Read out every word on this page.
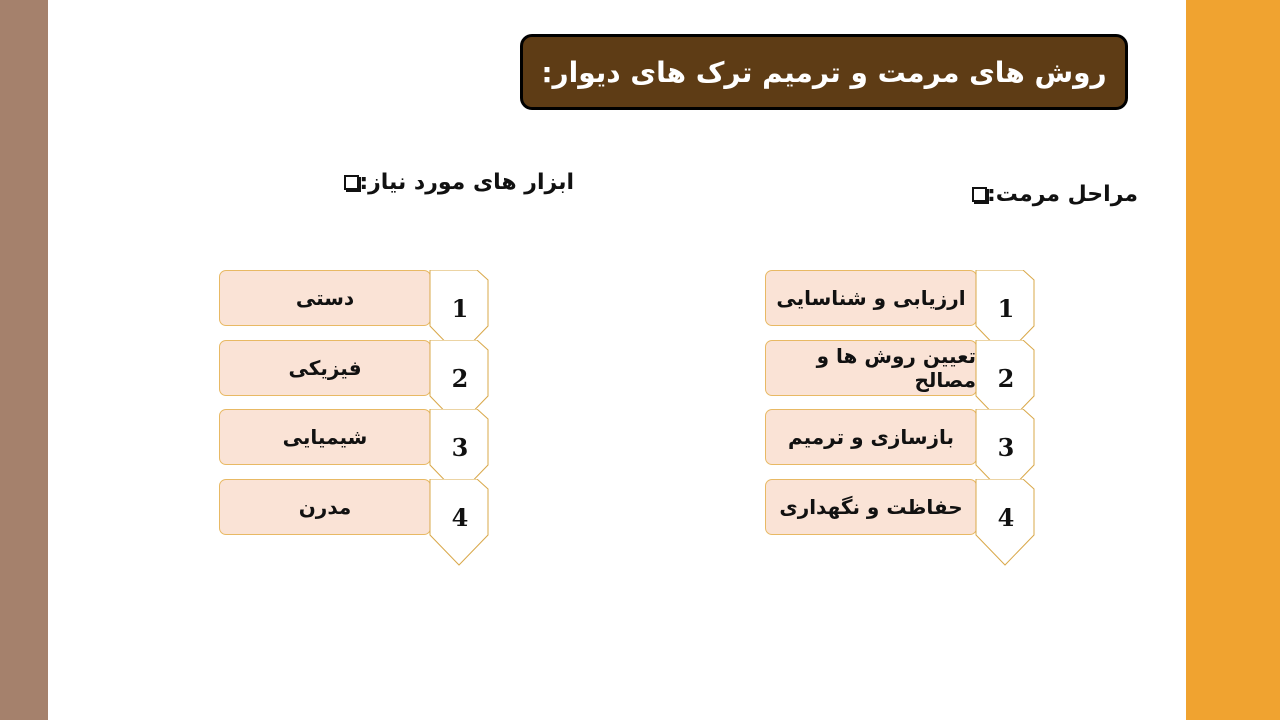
روش های مرمت و ترمیم ترک های دیوار:
مراحل مرمت:
ابزار های مورد نیاز:
ارزیابی و شناسایی	1
تعیین روش ها و مصالح 2
بازسازی و ترمیم	3
حفاظت و نگهداری	4
دستی	1
فیزیکی	2
شیمیایی	3
مدرن	4
